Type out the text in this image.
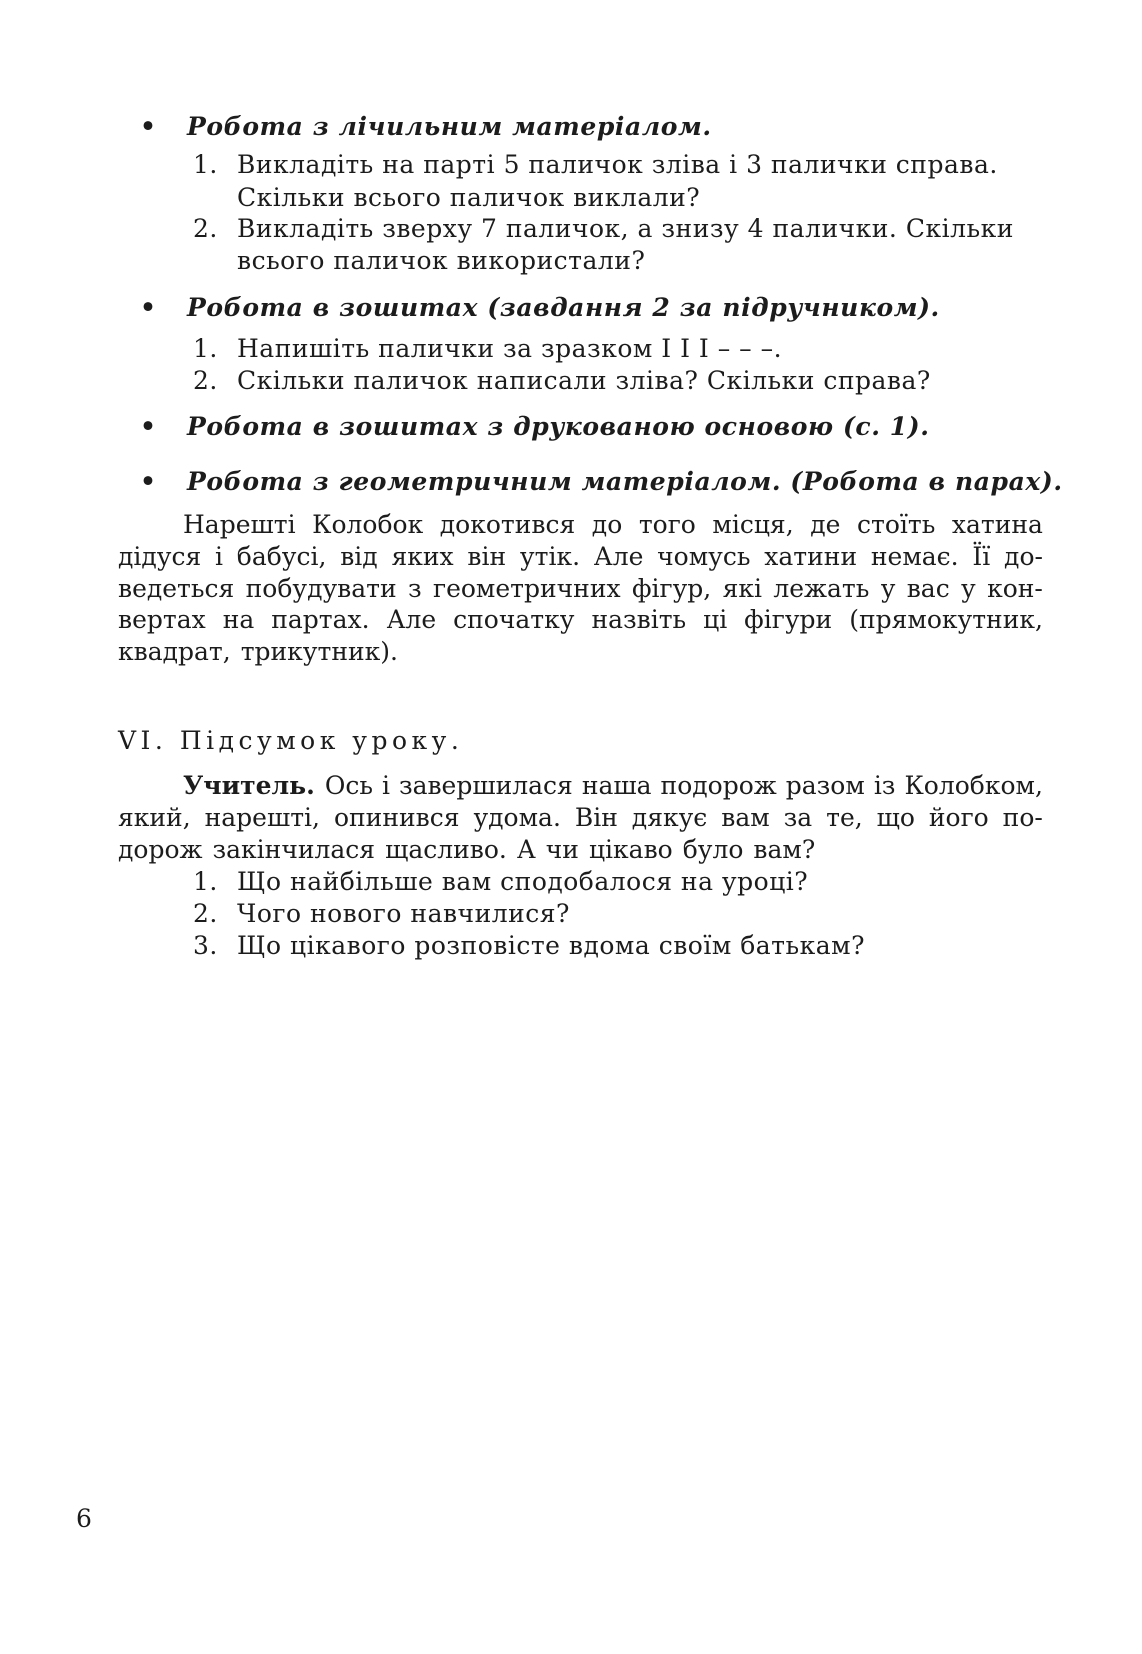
• Робота з лічильним матеріалом.
1. Викладіть на парті 5 паличок зліва і 3 палички справа.
Скільки всього паличок виклали?
2. Викладіть зверху 7 паличок, а знизу 4 палички. Скільки
всього паличок використали?
• Робота в зошитах (завдання 2 за підручником).
1. Напишіть палички за зразком I I I – – –.
2. Скільки паличок написали зліва? Скільки справа?
• Робота в зошитах з друкованою основою (с. 1).
• Робота з геометричним матеріалом. (Робота в парах).
Нарешті Колобок докотився до того місця, де стоїть хатина
дідуся і бабусі, від яких він утік. Але чомусь хатини немає. Її до-
ведеться побудувати з геометричних фігур, які лежать у вас у кон-
вертах на партах. Але спочатку назвіть ці фігури (прямокутник,
квадрат, трикутник).
VI. Підсумок уроку.
Учитель. Ось і завершилася наша подорож разом із Колобком,
який, нарешті, опинився удома. Він дякує вам за те, що його по-
дорож закінчилася щасливо. А чи цікаво було вам?
1. Що найбільше вам сподобалося на уроці?
2. Чого нового навчилися?
3. Що цікавого розповісте вдома своїм батькам?
6
